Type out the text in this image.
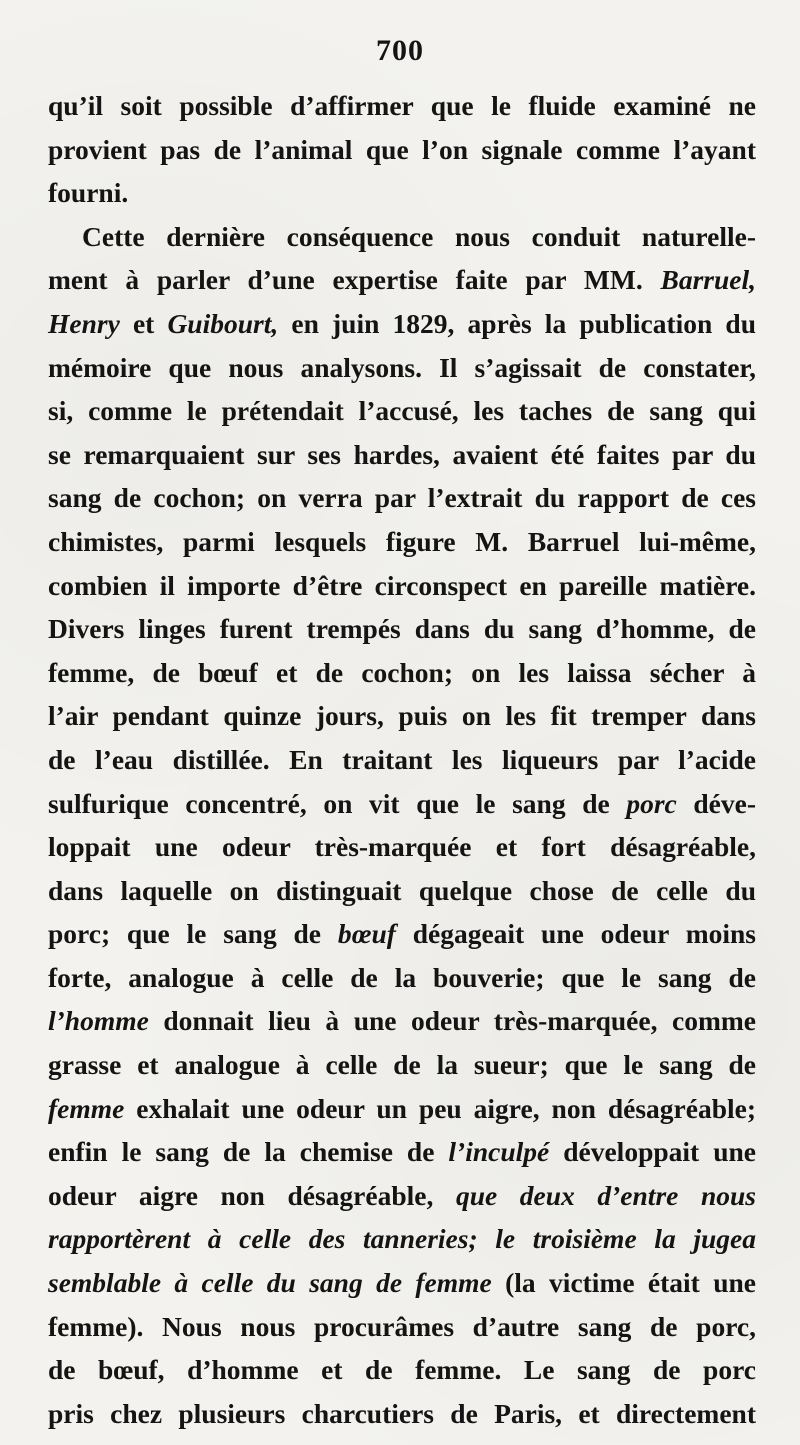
700
qu’il soit possible d’affirmer que le fluide examiné ne
provient pas de l’animal que l’on signale comme l’ayant
fourni.
Cette dernière conséquence nous conduit naturelle-
ment à parler d’une expertise faite par MM. Barruel,
Henry et Guibourt, en juin 1829, après la publication du
mémoire que nous analysons. Il s’agissait de constater,
si, comme le prétendait l’accusé, les taches de sang qui
se remarquaient sur ses hardes, avaient été faites par du
sang de cochon; on verra par l’extrait du rapport de ces
chimistes, parmi lesquels figure M. Barruel lui-même,
combien il importe d’être circonspect en pareille matière.
Divers linges furent trempés dans du sang d’homme, de
femme, de bœuf et de cochon; on les laissa sécher à
l’air pendant quinze jours, puis on les fit tremper dans
de l’eau distillée. En traitant les liqueurs par l’acide
sulfurique concentré, on vit que le sang de porc déve-
loppait une odeur très-marquée et fort désagréable,
dans laquelle on distinguait quelque chose de celle du
porc; que le sang de bœuf dégageait une odeur moins
forte, analogue à celle de la bouverie; que le sang de
l’homme donnait lieu à une odeur très-marquée, comme
grasse et analogue à celle de la sueur; que le sang de
femme exhalait une odeur un peu aigre, non désagréable;
enfin le sang de la chemise de l’inculpé développait une
odeur aigre non désagréable, que deux d’entre nous
rapportèrent à celle des tanneries; le troisième la jugea
semblable à celle du sang de femme (la victime était une
femme). Nous nous procurâmes d’autre sang de porc,
de bœuf, d’homme et de femme. Le sang de porc
pris chez plusieurs charcutiers de Paris, et directement
